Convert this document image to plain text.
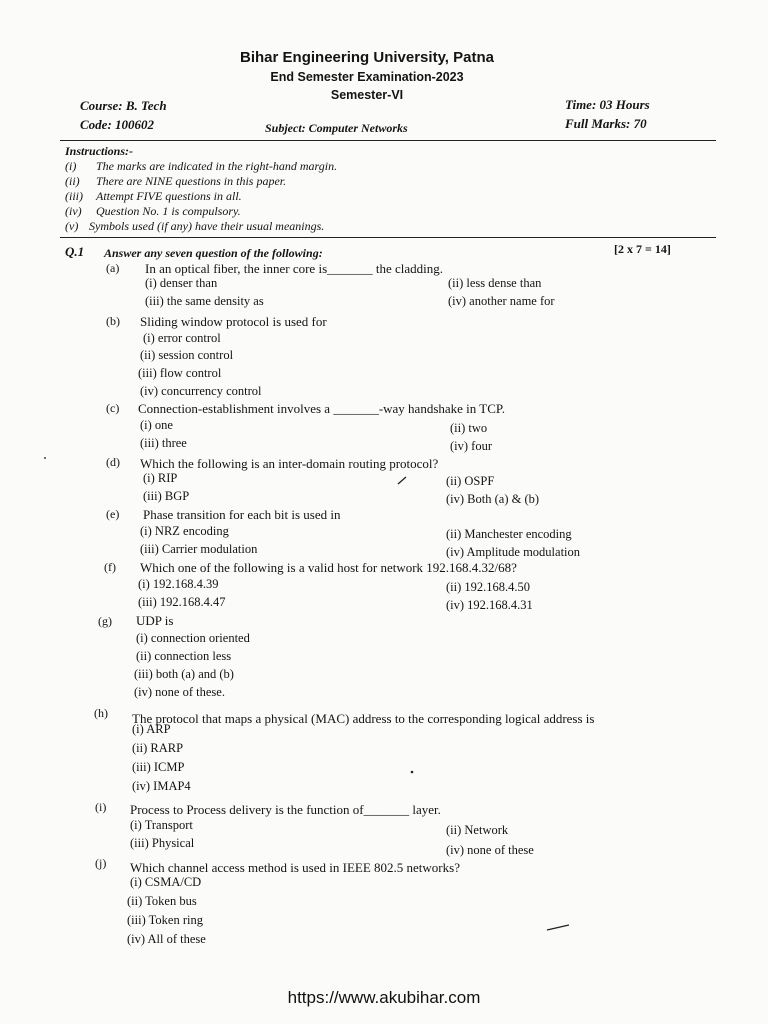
Bihar Engineering University, Patna
End Semester Examination-2023
Semester-VI
Course: B. Tech
Code: 100602	Subject: Computer Networks
Time: 03 Hours
Full Marks: 70
Instructions:-
(i) The marks are indicated in the right-hand margin.
(ii) There are NINE questions in this paper.
(iii) Attempt FIVE questions in all.
(iv) Question No. 1 is compulsory.
(v) Symbols used (if any) have their usual meanings.
Q.1 Answer any seven question of the following:	[2 x 7 = 14]
(a) In an optical fiber, the inner core is_______ the cladding.
(i) denser than	(ii) less dense than
(iii) the same density as	(iv) another name for
(b) Sliding window protocol is used for
(i) error control
(ii) session control
(iii) flow control
(iv) concurrency control
(c) Connection-establishment involves a _______-way handshake in TCP.
(i) one	(ii) two
(iii) three	(iv) four
(d) Which the following is an inter-domain routing protocol?
(i) RIP	(ii) OSPF
(iii) BGP	(iv) Both (a) & (b)
(e) Phase transition for each bit is used in
(i) NRZ encoding	(ii) Manchester encoding
(iii) Carrier modulation	(iv) Amplitude modulation
(f) Which one of the following is a valid host for network 192.168.4.32/68?
(i) 192.168.4.39	(ii) 192.168.4.50
(iii) 192.168.4.47	(iv) 192.168.4.31
(g) UDP is
(i) connection oriented
(ii) connection less
(iii) both (a) and (b)
(iv) none of these.
(h) The protocol that maps a physical (MAC) address to the corresponding logical address is
(i) ARP
(ii) RARP
(iii) ICMP
(iv) IMAP4
(i) Process to Process delivery is the function of_______ layer.
(i) Transport	(ii) Network
(iii) Physical	(iv) none of these
(j) Which channel access method is used in IEEE 802.5 networks?
(i) CSMA/CD
(ii) Token bus
(iii) Token ring
(iv) All of these
https://www.akubihar.com
